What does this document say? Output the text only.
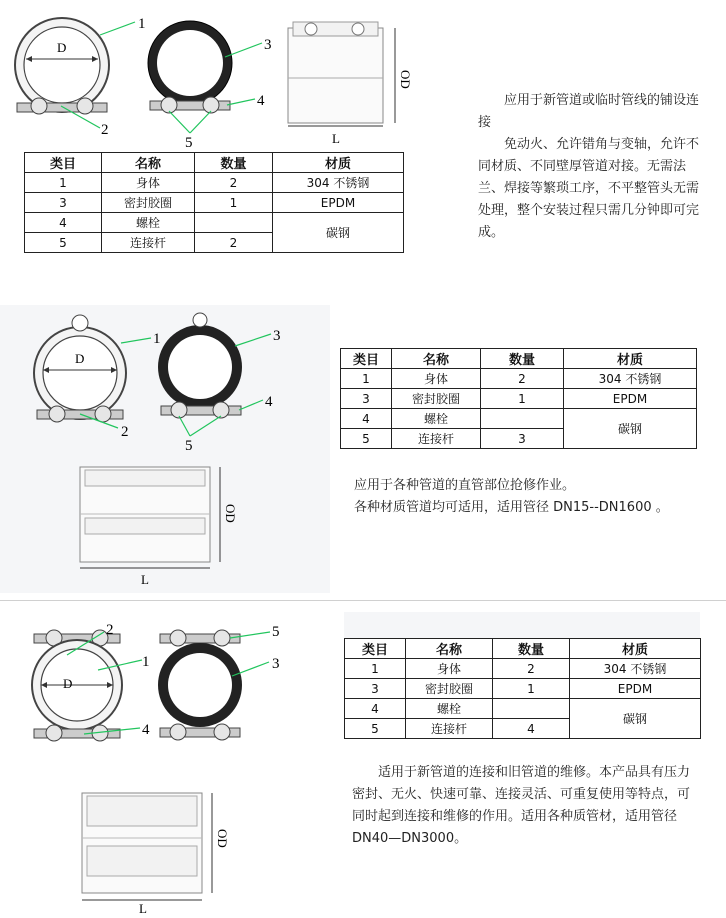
D
1
2
3
4
5
OD
L
类目	名称	数量	材质
1	身体	2	304 不锈钢
3	密封胶圈	1	EPDM
4	螺栓		碳钢
5	连接杆	2	

应用于新管道或临时管线的铺设连接

免动火、允许错角与变轴，允许不同材质、不同壁厚管道对接。无需法兰、焊接等繁琐工序，不平整管头无需处理，整个安装过程只需几分钟即可完成。

D
1
2
3
4
5
OD
L
类目	名称	数量	材质
1	身体	2	304 不锈钢
3	密封胶圈	1	EPDM
4	螺栓		碳钢
5	连接杆	3	

应用于各种管道的直管部位抢修作业。

各种材质管道均可适用，适用管径 DN15--DN1600 。

D
2
1
4
5
3
OD
L
类目	名称	数量	材质
1	身体	2	304 不锈钢
3	密封胶圈	1	EPDM
4	螺栓		碳钢
5	连接杆	4	

适用于新管道的连接和旧管道的维修。本产品具有压力密封、无火、快速可靠、连接灵活、可重复使用等特点，可同时起到连接和维修的作用。适用各种质管材，适用管径 DN40—DN3000。
